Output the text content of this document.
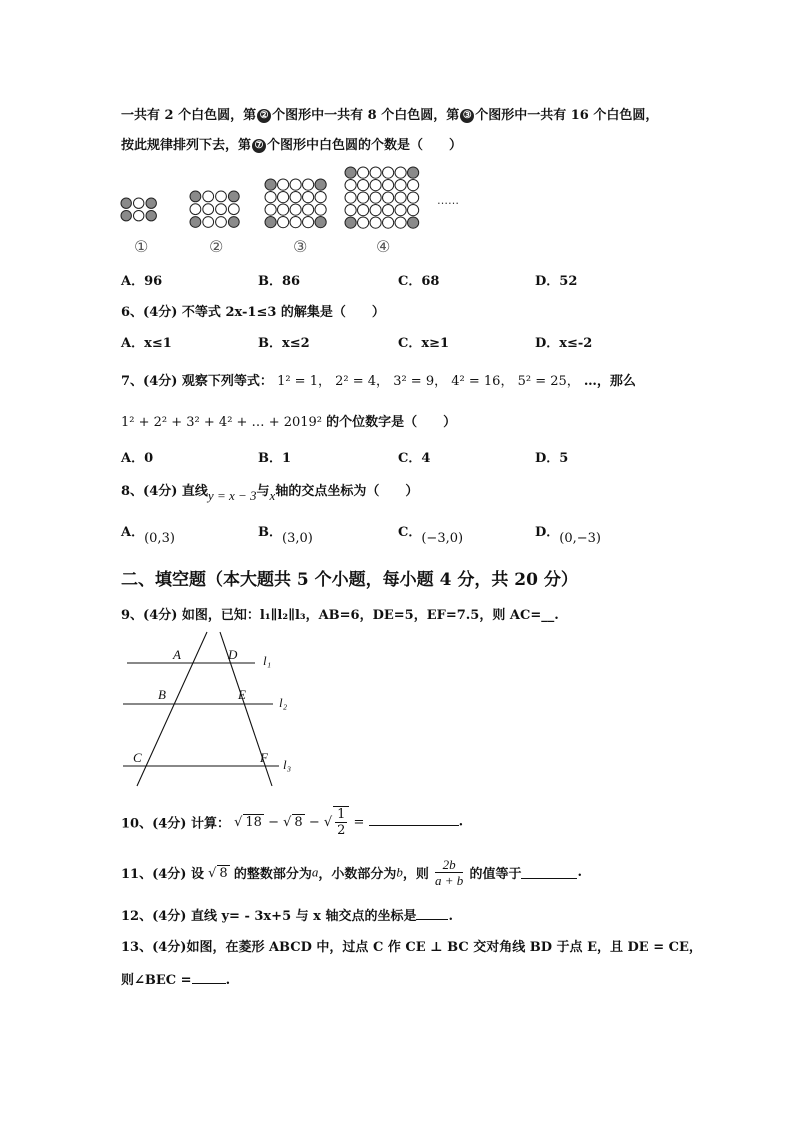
一共有 2 个白色圆，第 ② 个图形中一共有 8 个白色圆，第 ③ 个图形中一共有 16 个白色圆，
按此规律排列下去，第 ⑦ 个图形中白色圆的个数是（　　）
①	②	③	④
……
A．96	B．86	C．68	D．52
6、(4分) 不等式 2x-1≤3 的解集是（　　）
A．x≤1	B．x≤2	C．x≥1	D．x≤-2
7、(4分) 观察下列等式： 1² = 1， 2² = 4， 3² = 9， 4² = 16， 5² = 25， …，那么
1² + 2² + 3² + 4² + … + 2019² 的个位数字是（　　）
A．0	B．1	C．4	D．5
8、(4分) 直线y = x − 3与x轴的交点坐标为（　　）
A．(0,3)	B．(3,0)	C．(−3,0)	D．(0,−3)
二、填空题（本大题共 5 个小题，每小题 4 分，共 20 分）
9、(4分) 如图，已知：l₁∥l₂∥l₃，AB=6，DE=5，EF=7.5，则 AC=__.
A	D l₁
B	E
l₂
C	F l₃
10、(4分) 计算： √ 18 − √ 8 − √ $\frac{1}{2}$ =	.
11、(4分) 设 √ 8 的整数部分为a，小数部分为b，则 $\frac{2b}{a + b}$ 的值等于	.
12、(4分) 直线 y= - 3x+5 与 x 轴交点的坐标是 .
13、(4分)如图，在菱形 ABCD 中，过点 C 作 CE ⊥ BC 交对角线 BD 于点 E，且 DE = CE，
则∠BEC =	.
